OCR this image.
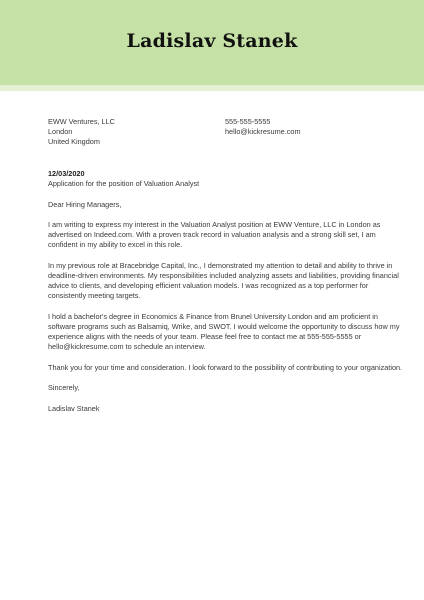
Ladislav Stanek
EWW Ventures, LLC
London
United Kingdom
555-555-5555
hello@kickresume.com
12/03/2020
Application for the position of Valuation Analyst
Dear Hiring Managers,
I am writing to express my interest in the Valuation Analyst position at EWW Venture, LLC in London as
advertised on Indeed.com. With a proven track record in valuation analysis and a strong skill set, I am
confident in my ability to excel in this role.
In my previous role at Bracebridge Capital, Inc., I demonstrated my attention to detail and ability to thrive in
deadline-driven environments. My responsibilities included analyzing assets and liabilities, providing financial
advice to clients, and developing efficient valuation models. I was recognized as a top performer for
consistently meeting targets.
I hold a bachelor's degree in Economics & Finance from Brunel University London and am proficient in
software programs such as Balsamiq, Wrike, and SWOT. I would welcome the opportunity to discuss how my
experience aligns with the needs of your team. Please feel free to contact me at 555-555-5555 or
hello@kickresume.com to schedule an interview.
Thank you for your time and consideration. I look forward to the possibility of contributing to your organization.
Sincerely,
Ladislav Stanek
